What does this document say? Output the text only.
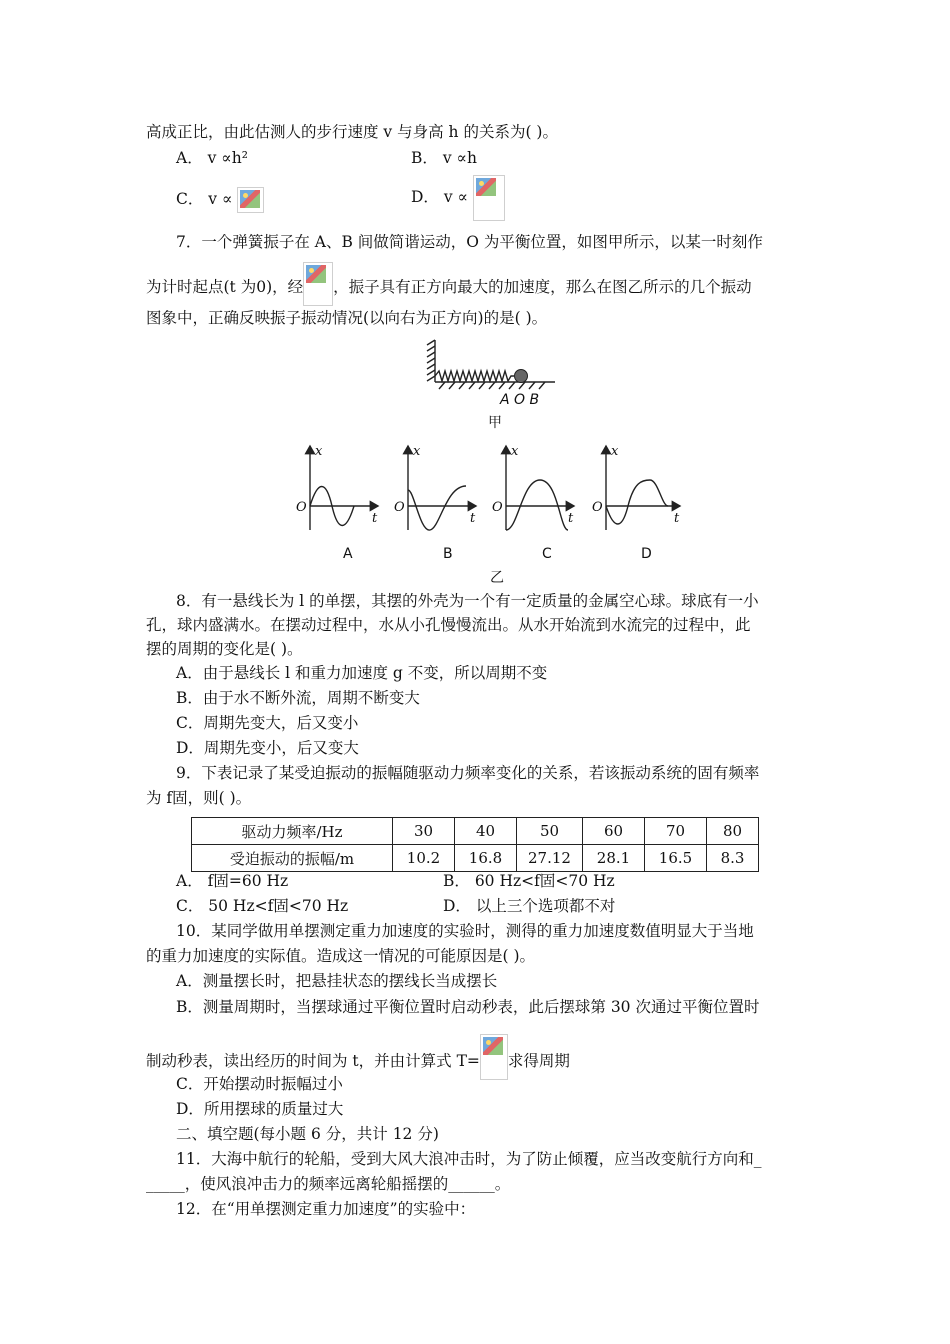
高成正比，由此估测人的步行速度 v 与身高 h 的关系为( )。
A． v ∝h²	B． v ∝h
C． v ∝	D． v ∝
7．一个弹簧振子在 A、B 间做简谐运动，O 为平衡位置，如图甲所示，以某一时刻作
为计时起点(t 为0)，经 ，振子具有正方向最大的加速度，那么在图乙所示的几个振动
图象中，正确反映振子振动情况(以向右为正方向)的是( )。
A O B
甲
x
O
t
x
O
t
x
O
t
x
O
t
A	B	C	D
乙
8．有一悬线长为 l 的单摆，其摆的外壳为一个有一定质量的金属空心球。球底有一小
孔，球内盛满水。在摆动过程中，水从小孔慢慢流出。从水开始流到水流完的过程中，此
摆的周期的变化是( )。
A．由于悬线长 l 和重力加速度 g 不变，所以周期不变
B．由于水不断外流，周期不断变大
C．周期先变大，后又变小
D．周期先变小，后又变大
9．下表记录了某受迫振动的振幅随驱动力频率变化的关系，若该振动系统的固有频率
为 f固，则( )。
驱动力频率/Hz	30	40	50	60	70	80
受迫振动的振幅/m	10.2	16.8	27.12	28.1	16.5	8.3
A． f固=60 Hz	B． 60 Hz<f固<70 Hz
C． 50 Hz<f固<70 Hz	D． 以上三个选项都不对
10．某同学做用单摆测定重力加速度的实验时，测得的重力加速度数值明显大于当地
的重力加速度的实际值。造成这一情况的可能原因是( )。
A．测量摆长时，把悬挂状态的摆线长当成摆长
B．测量周期时，当摆球通过平衡位置时启动秒表，此后摆球第 30 次通过平衡位置时
制动秒表，读出经历的时间为 t，并由计算式 T= 求得周期
C．开始摆动时振幅过小
D．所用摆球的质量过大
二、填空题(每小题 6 分，共计 12 分)
11．大海中航行的轮船，受到大风大浪冲击时，为了防止倾覆，应当改变航行方向和_
_____，使风浪冲击力的频率远离轮船摇摆的______。
12．在“用单摆测定重力加速度”的实验中：
